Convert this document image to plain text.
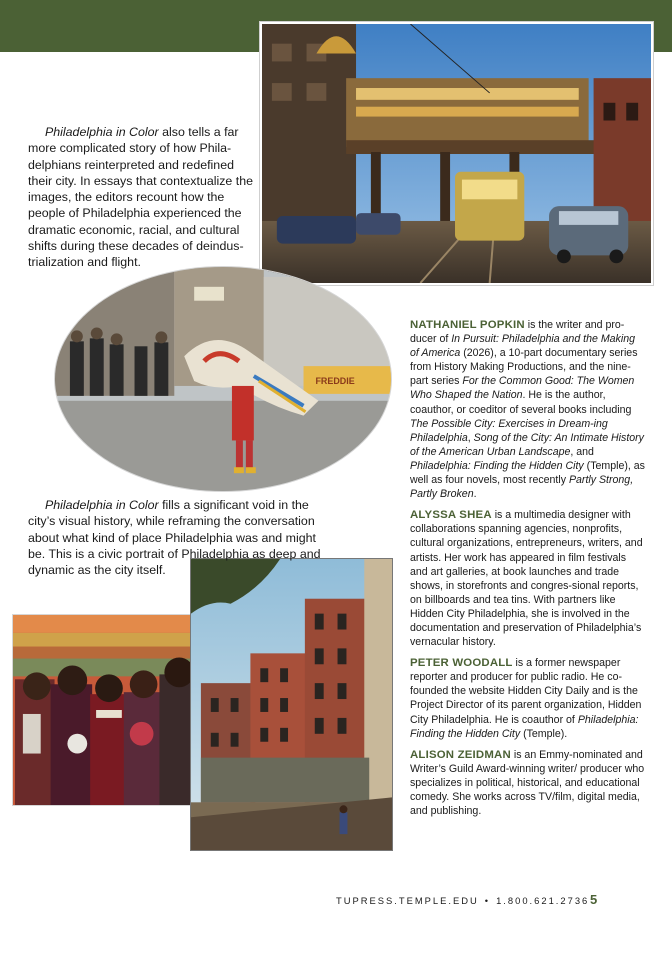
FREDDIE

Philadelphia in Color also tells a far more complicated story of how Phila-delphians reinterpreted and redefined their city. In essays that contextualize the images, the editors recount how the people of Philadelphia experienced the dramatic economic, racial, and cultural shifts during these decades of deindus-trialization and flight.

Philadelphia in Color fills a significant void in the city’s visual history, while reframing the conversation about what kind of place Philadelphia was and might be. This is a civic portrait of Philadelphia as deep and dynamic as the city itself.

NATHANIEL POPKIN is the writer and pro-ducer of In Pursuit: Philadelphia and the Making of America (2026), a 10-part documentary series from History Making Productions, and the nine-part series For the Common Good: The Women Who Shaped the Nation. He is the author, coauthor, or coeditor of several books including The Possible City: Exercises in Dream-ing Philadelphia, Song of the City: An Intimate History of the American Urban Landscape, and Philadelphia: Finding the Hidden City (Temple), as well as four novels, most recently Partly Strong, Partly Broken.

ALYSSA SHEA is a multimedia designer with collaborations spanning agencies, nonprofits, cultural organizations, entrepreneurs, writers, and artists. Her work has appeared in film festivals and art galleries, at book launches and trade shows, in storefronts and congres-sional reports, on billboards and tea tins. With partners like Hidden City Philadelphia, she is involved in the documentation and preservation of Philadelphia’s vernacular history.

PETER WOODALL is a former newspaper reporter and producer for public radio. He co-founded the website Hidden City Daily and is the Project Director of its parent organization, Hidden City Philadelphia. He is coauthor of Philadelphia: Finding the Hidden City (Temple).

ALISON ZEIDMAN is an Emmy-nominated and Writer’s Guild Award-winning writer/ producer who specializes in political, historical, and educational comedy. She works across TV/film, digital media, and publishing.

TUPRESS.TEMPLE.EDU • 1.800.621.2736 5
